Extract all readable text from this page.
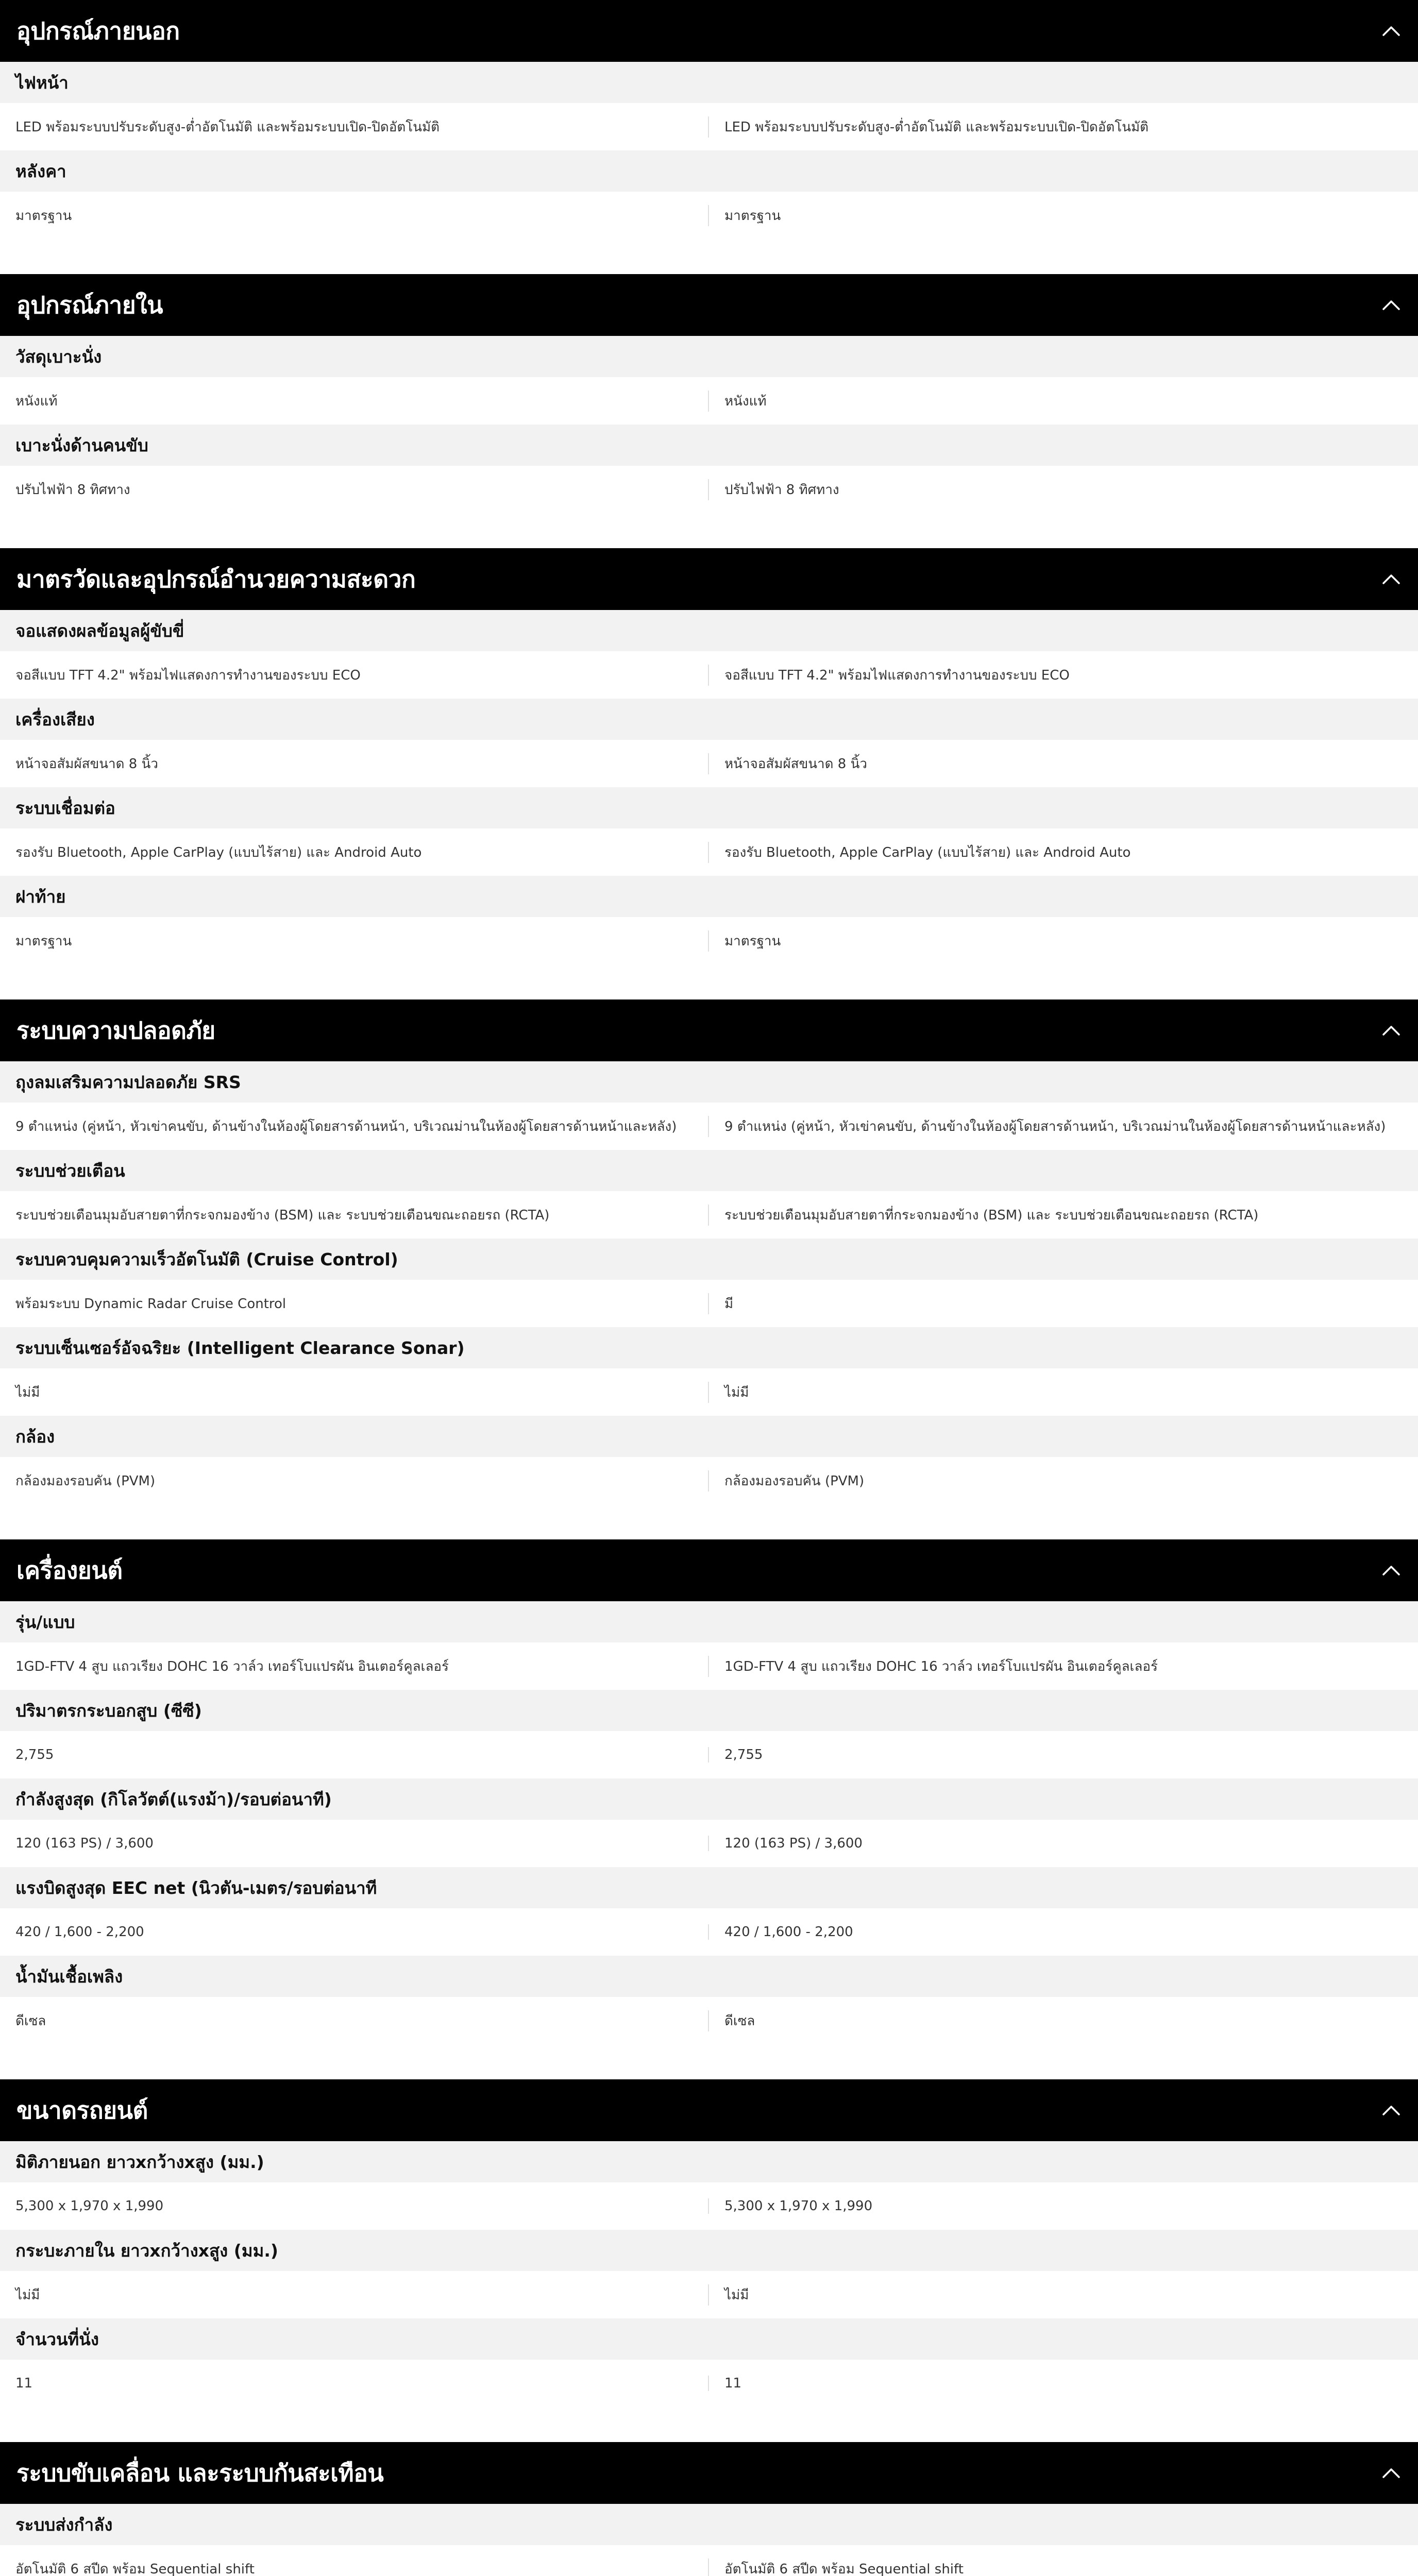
อุปกรณ์ภายนอก
ไฟหน้า
LED พร้อมระบบปรับระดับสูง-ต่ำอัตโนมัติ และพร้อมระบบเปิด-ปิดอัตโนมัติ	LED พร้อมระบบปรับระดับสูง-ต่ำอัตโนมัติ และพร้อมระบบเปิด-ปิดอัตโนมัติ
หลังคา
มาตรฐาน	มาตรฐาน
อุปกรณ์ภายใน
วัสดุเบาะนั่ง
หนังแท้	หนังแท้
เบาะนั่งด้านคนขับ
ปรับไฟฟ้า 8 ทิศทาง	ปรับไฟฟ้า 8 ทิศทาง
มาตรวัดและอุปกรณ์อำนวยความสะดวก
จอแสดงผลข้อมูลผู้ขับขี่
จอสีแบบ TFT 4.2" พร้อมไฟแสดงการทำงานของระบบ ECO	จอสีแบบ TFT 4.2" พร้อมไฟแสดงการทำงานของระบบ ECO
เครื่องเสียง
หน้าจอสัมผัสขนาด 8 นิ้ว	หน้าจอสัมผัสขนาด 8 นิ้ว
ระบบเชื่อมต่อ
รองรับ Bluetooth, Apple CarPlay (แบบไร้สาย) และ Android Auto	รองรับ Bluetooth, Apple CarPlay (แบบไร้สาย) และ Android Auto
ฝาท้าย
มาตรฐาน	มาตรฐาน
ระบบความปลอดภัย
ถุงลมเสริมความปลอดภัย SRS
9 ตำแหน่ง (คู่หน้า, หัวเข่าคนขับ, ด้านข้างในห้องผู้โดยสารด้านหน้า, บริเวณม่านในห้องผู้โดยสารด้านหน้าและหลัง)	9 ตำแหน่ง (คู่หน้า, หัวเข่าคนขับ, ด้านข้างในห้องผู้โดยสารด้านหน้า, บริเวณม่านในห้องผู้โดยสารด้านหน้าและหลัง)
ระบบช่วยเตือน
ระบบช่วยเตือนมุมอับสายตาที่กระจกมองข้าง (BSM) และ ระบบช่วยเตือนขณะถอยรถ (RCTA)	ระบบช่วยเตือนมุมอับสายตาที่กระจกมองข้าง (BSM) และ ระบบช่วยเตือนขณะถอยรถ (RCTA)
ระบบควบคุมความเร็วอัตโนมัติ (Cruise Control)
พร้อมระบบ Dynamic Radar Cruise Control	มี
ระบบเซ็นเซอร์อัจฉริยะ (Intelligent Clearance Sonar)
ไม่มี	ไม่มี
กล้อง
กล้องมองรอบคัน (PVM)	กล้องมองรอบคัน (PVM)
เครื่องยนต์
รุ่น/แบบ
1GD-FTV 4 สูบ แถวเรียง DOHC 16 วาล์ว เทอร์โบแปรผัน อินเตอร์คูลเลอร์	1GD-FTV 4 สูบ แถวเรียง DOHC 16 วาล์ว เทอร์โบแปรผัน อินเตอร์คูลเลอร์
ปริมาตรกระบอกสูบ (ซีซี)
2,755	2,755
กำลังสูงสุด (กิโลวัตต์(แรงม้า)/รอบต่อนาที)
120 (163 PS) / 3,600	120 (163 PS) / 3,600
แรงบิดสูงสุด EEC net (นิวตัน-เมตร/รอบต่อนาที
420 / 1,600 - 2,200	420 / 1,600 - 2,200
น้ำมันเชื้อเพลิง
ดีเซล	ดีเซล
ขนาดรถยนต์
มิติภายนอก ยาวxกว้างxสูง (มม.)
5,300 x 1,970 x 1,990	5,300 x 1,970 x 1,990
กระบะภายใน ยาวxกว้างxสูง (มม.)
ไม่มี	ไม่มี
จำนวนที่นั่ง
11	11
ระบบขับเคลื่อน และระบบกันสะเทือน
ระบบส่งกำลัง
อัตโนมัติ 6 สปีด พร้อม Sequential shift	อัตโนมัติ 6 สปีด พร้อม Sequential shift
